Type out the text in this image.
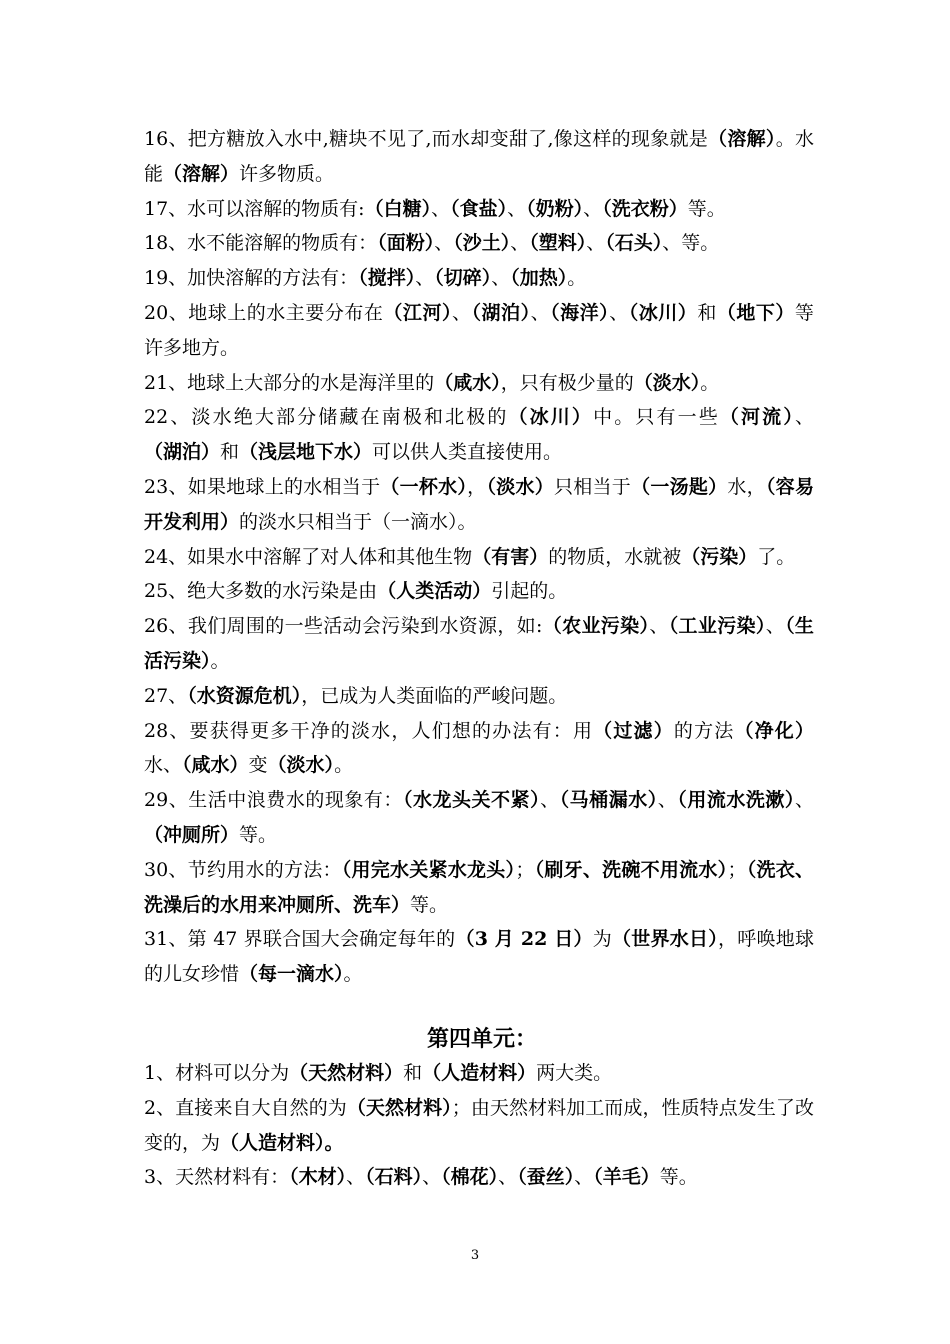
16、把方糖放入水中,糖块不见了,而水却变甜了,像这样的现象就是（溶解）。水能（溶解）许多物质。

17、水可以溶解的物质有:（白糖）、（食盐）、（奶粉）、（洗衣粉）等。

18、水不能溶解的物质有：（面粉）、（沙土）、（塑料）、（石头）、等。

19、加快溶解的方法有：（搅拌）、（切碎）、（加热）。

20、地球上的水主要分布在（江河）、（湖泊）、（海洋）、（冰川）和（地下）等许多地方。

21、地球上大部分的水是海洋里的（咸水），只有极少量的（淡水）。

22、淡水绝大部分储藏在南极和北极的（冰川）中。只有一些（河流）、（湖泊）和（浅层地下水）可以供人类直接使用。

23、如果地球上的水相当于（一杯水），（淡水）只相当于（一汤匙）水，（容易开发利用）的淡水只相当于（一滴水）。

24、如果水中溶解了对人体和其他生物（有害）的物质，水就被（污染）了。

25、绝大多数的水污染是由（人类活动）引起的。

26、我们周围的一些活动会污染到水资源，如:（农业污染）、（工业污染）、（生活污染）。

27、（水资源危机），已成为人类面临的严峻问题。

28、要获得更多干净的淡水，人们想的办法有：用（过滤）的方法（净化）水、（咸水）变（淡水）。

29、生活中浪费水的现象有：（水龙头关不紧）、（马桶漏水）、（用流水洗漱）、（冲厕所）等。

30、节约用水的方法：（用完水关紧水龙头）；（刷牙、洗碗不用流水）；（洗衣、洗澡后的水用来冲厕所、洗车）等。

31、第 47 界联合国大会确定每年的（3 月 22 日）为（世界水日），呼唤地球的儿女珍惜（每一滴水）。

第四单元：

1、材料可以分为（天然材料）和（人造材料）两大类。

2、直接来自大自然的为（天然材料）；由天然材料加工而成，性质特点发生了改变的，为（人造材料）。

3、天然材料有：（木材）、（石料）、（棉花）、（蚕丝）、（羊毛）等。

3
